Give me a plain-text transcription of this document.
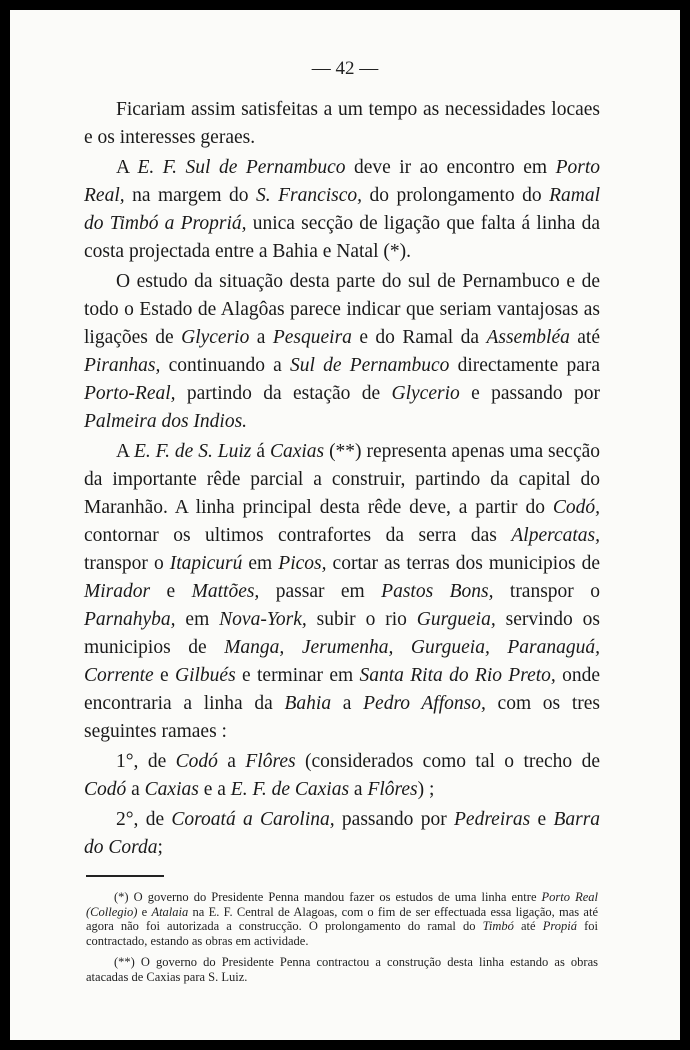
— 42 —

Ficariam assim satisfeitas a um tempo as necessidades locaes e os interesses geraes.

A E. F. Sul de Pernambuco deve ir ao encontro em Porto Real, na margem do S. Francisco, do prolongamento do Ramal do Timbó a Propriá, unica secção de ligação que falta á linha da costa projectada entre a Bahia e Natal (*).

O estudo da situação desta parte do sul de Pernambuco e de todo o Estado de Alagôas parece indicar que seriam vantajosas as ligações de Glycerio a Pesqueira e do Ramal da Assembléa até Piranhas, continuando a Sul de Pernambuco directamente para Porto-Real, partindo da estação de Glycerio e passando por Palmeira dos Indios.

A E. F. de S. Luiz á Caxias (**) representa apenas uma secção da importante rêde parcial a construir, partindo da capital do Maranhão. A linha principal desta rêde deve, a partir do Codó, contornar os ultimos contrafortes da serra das Alpercatas, transpor o Itapicurú em Picos, cortar as terras dos municipios de Mirador e Mattões, passar em Pastos Bons, transpor o Parnahyba, em Nova-York, subir o rio Gurgueia, servindo os municipios de Manga, Jerumenha, Gurgueia, Paranaguá, Corrente e Gilbués e terminar em Santa Rita do Rio Preto, onde encontraria a linha da Bahia a Pedro Affonso, com os tres seguintes ramaes :

1°, de Codó a Flôres (considerados como tal o trecho de Codó a Caxias e a E. F. de Caxias a Flôres) ;

2°, de Coroatá a Carolina, passando por Pedreiras e Barra do Corda;

(*) O governo do Presidente Penna mandou fazer os estudos de uma linha entre Porto Real (Collegio) e Atalaia na E. F. Central de Alagoas, com o fim de ser effectuada essa ligação, mas até agora não foi autorizada a construcção. O prolongamento do ramal do Timbó até Propiá foi contractado, estando as obras em actividade.

(**) O governo do Presidente Penna contractou a construção desta linha estando as obras atacadas de Caxias para S. Luiz.
